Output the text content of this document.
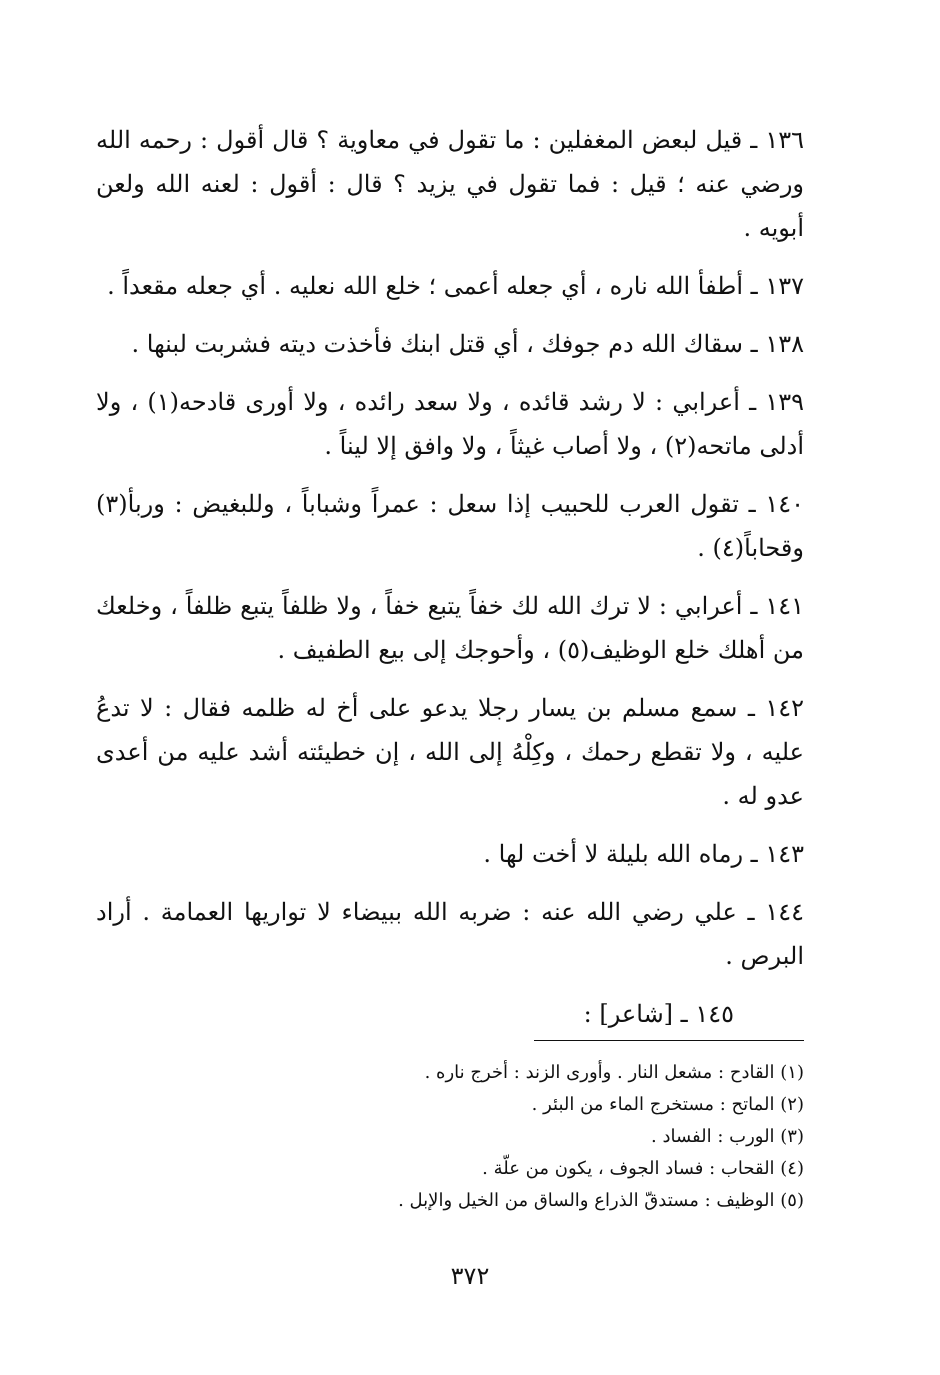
١٣٦ ـ قيل لبعض المغفلين : ما تقول في معاوية ؟ قال أقول : رحمه الله ورضي عنه ؛ قيل : فما تقول في يزيد ؟ قال : أقول : لعنه الله ولعن أبويه .

١٣٧ ـ أطفأ الله ناره ، أي جعله أعمى ؛ خلع الله نعليه . أي جعله مقعداً .

١٣٨ ـ سقاك الله دم جوفك ، أي قتل ابنك فأخذت ديته فشربت لبنها .

١٣٩ ـ أعرابي : لا رشد قائده ، ولا سعد رائده ، ولا أورى قادحه(١) ، ولا أدلى ماتحه(٢) ، ولا أصاب غيثاً ، ولا وافق إلا ليناً .

١٤٠ ـ تقول العرب للحبيب إذا سعل : عمراً وشباباً ، وللبغيض : وربأ(٣) وقحاباً(٤) .

١٤١ ـ أعرابي : لا ترك الله لك خفاً يتبع خفاً ، ولا ظلفاً يتبع ظلفاً ، وخلعك من أهلك خلع الوظيف(٥) ، وأحوجك إلى بيع الطفيف .

١٤٢ ـ سمع مسلم بن يسار رجلا يدعو على أخ له ظلمه فقال : لا تدعُ عليه ، ولا تقطع رحمك ، وكِلْهُ إلى الله ، إن خطيئته أشد عليه من أعدى عدو له .

١٤٣ ـ رماه الله بليلة لا أخت لها .

١٤٤ ـ علي رضي الله عنه : ضربه الله ببيضاء لا تواريها العمامة . أراد البرص .

١٤٥ ـ [شاعر] :

(١) القادح : مشعل النار . وأورى الزند : أخرج ناره .

(٢) الماتح : مستخرج الماء من البئر .

(٣) الورب : الفساد .

(٤) القحاب : فساد الجوف ، يكون من علّة .

(٥) الوظيف : مستدقّ الذراع والساق من الخيل والإبل .

٣٧٢
